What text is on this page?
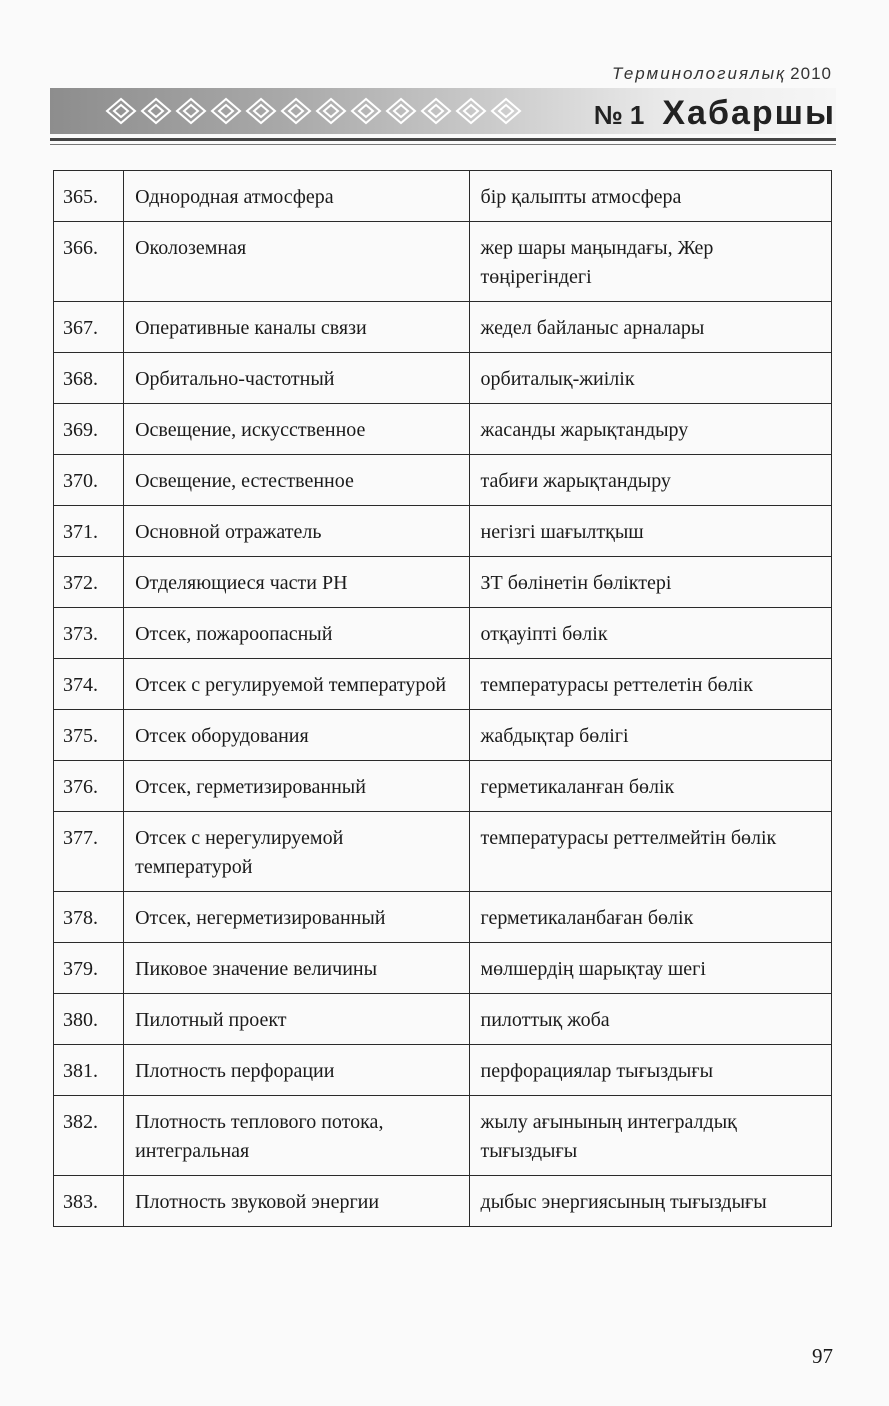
Терминологиялық 2010
№ 1 Хабаршы
365.	Однородная атмосфера	бір қалыпты атмосфера
366.	Околоземная	жер шары маңындағы, Жер төңірегіндегі
367.	Оперативные каналы связи	жедел байланыс арналары
368.	Орбитально-частотный	орбиталық-жиілік
369.	Освещение, искусственное	жасанды жарықтандыру
370.	Освещение, естественное	табиғи жарықтандыру
371.	Основной отражатель	негізгі шағылтқыш
372.	Отделяющиеся части РН	ЗТ бөлінетін бөліктері
373.	Отсек, пожароопасный	отқауіпті бөлік
374.	Отсек с регулируемой температурой	температурасы реттелетін бөлік
375.	Отсек оборудования	жабдықтар бөлігі
376.	Отсек, герметизированный	герметикаланған бөлік
377.	Отсек с нерегулируемой температурой	температурасы реттелмейтін бөлік
378.	Отсек, негерметизированный	герметикаланбаған бөлік
379.	Пиковое значение величины	мөлшердің шарықтау шегі
380.	Пилотный проект	пилоттық жоба
381.	Плотность перфорации	перфорациялар тығыздығы
382.	Плотность теплового потока, интегральная	жылу ағынының интегралдық тығыздығы
383.	Плотность звуковой энергии	дыбыс энергиясының тығыздығы
97
